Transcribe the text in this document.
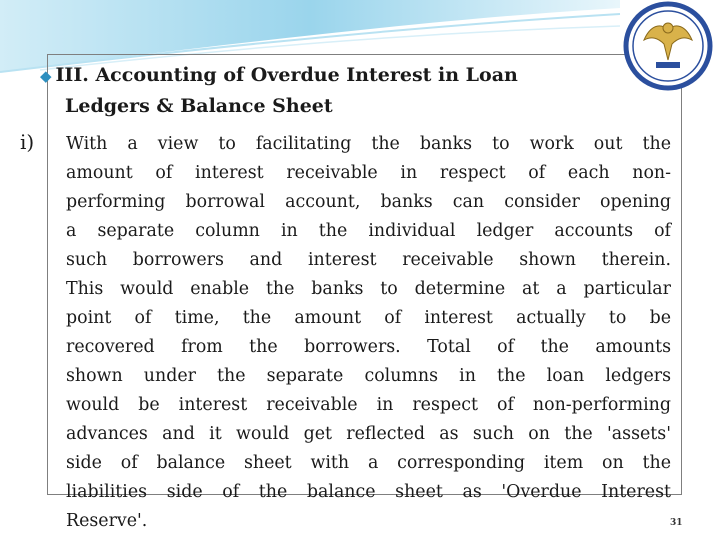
◆ III. Accounting of Overdue Interest in Loan
Ledgers & Balance Sheet
i) With a view to facilitating the banks to work out the
amount of interest receivable in respect of each non-
performing borrowal account, banks can consider opening
a separate column in the individual ledger accounts of
such borrowers and interest receivable shown therein.
This would enable the banks to determine at a particular
point of time, the amount of interest actually to be
recovered from the borrowers. Total of the amounts
shown under the separate columns in the loan ledgers
would be interest receivable in respect of non-performing
advances and it would get reflected as such on the 'assets'
side of balance sheet with a corresponding item on the
liabilities side of the balance sheet as 'Overdue Interest
Reserve'.	31
